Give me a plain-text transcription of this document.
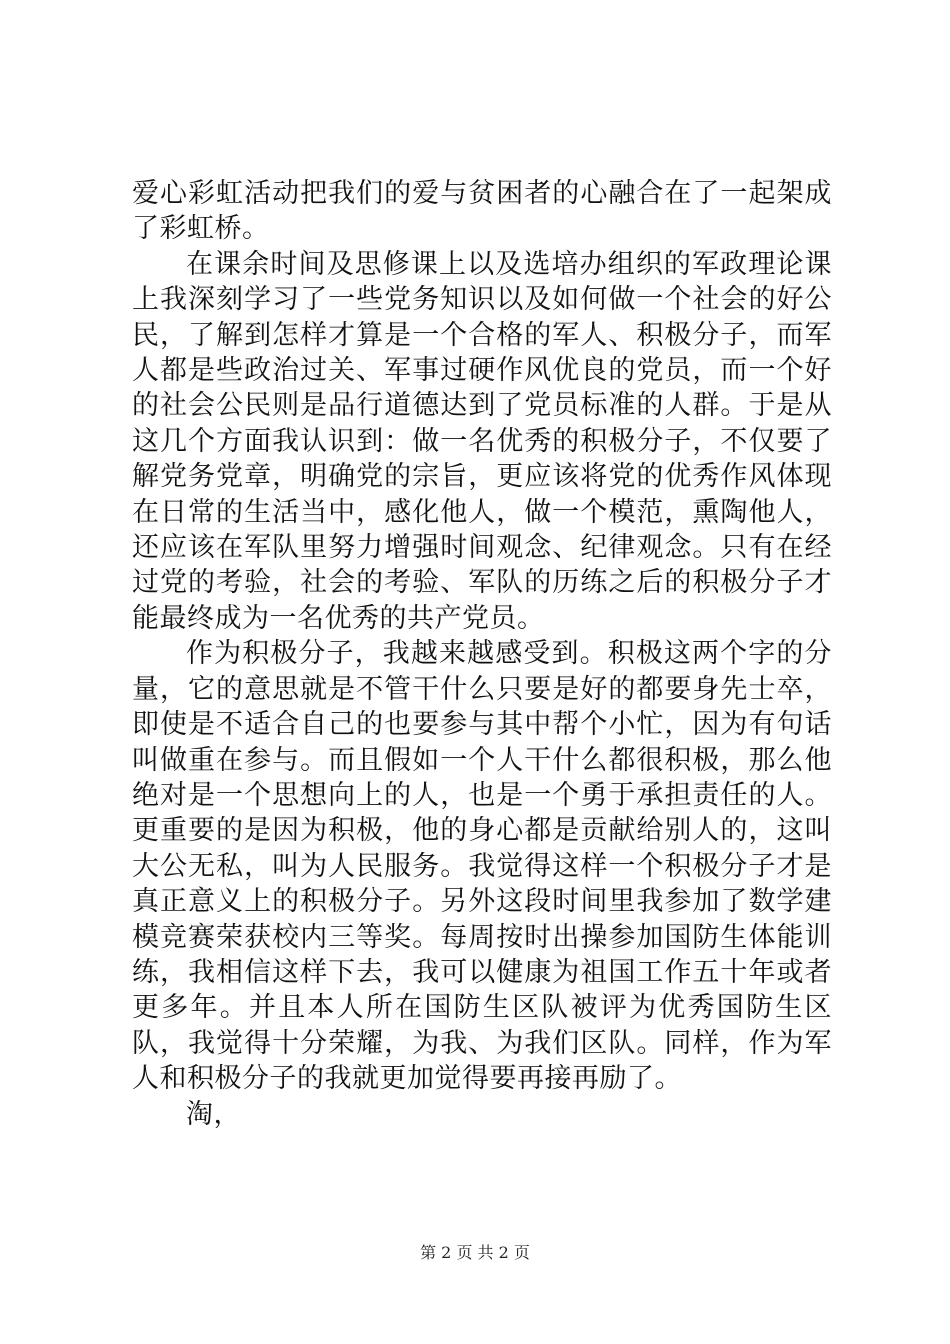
爱心彩虹活动把我们的爱与贫困者的心融合在了一起架成了彩虹桥。

在课余时间及思修课上以及选培办组织的军政理论课上我深刻学习了一些党务知识以及如何做一个社会的好公民，了解到怎样才算是一个合格的军人、积极分子，而军人都是些政治过关、军事过硬作风优良的党员，而一个好的社会公民则是品行道德达到了党员标准的人群。于是从这几个方面我认识到：做一名优秀的积极分子，不仅要了解党务党章，明确党的宗旨，更应该将党的优秀作风体现在日常的生活当中，感化他人，做一个模范，熏陶他人，还应该在军队里努力增强时间观念、纪律观念。只有在经过党的考验，社会的考验、军队的历练之后的积极分子才能最终成为一名优秀的共产党员。

作为积极分子，我越来越感受到。积极这两个字的分量，它的意思就是不管干什么只要是好的都要身先士卒，即使是不适合自己的也要参与其中帮个小忙，因为有句话叫做重在参与。而且假如一个人干什么都很积极，那么他绝对是一个思想向上的人，也是一个勇于承担责任的人。更重要的是因为积极，他的身心都是贡献给别人的，这叫大公无私，叫为人民服务。我觉得这样一个积极分子才是真正意义上的积极分子。另外这段时间里我参加了数学建模竞赛荣获校内三等奖。每周按时出操参加国防生体能训练，我相信这样下去，我可以健康为祖国工作五十年或者更多年。并且本人所在国防生区队被评为优秀国防生区队，我觉得十分荣耀，为我、为我们区队。同样，作为军人和积极分子的我就更加觉得要再接再励了。

淘，

第 2 页 共 2 页
